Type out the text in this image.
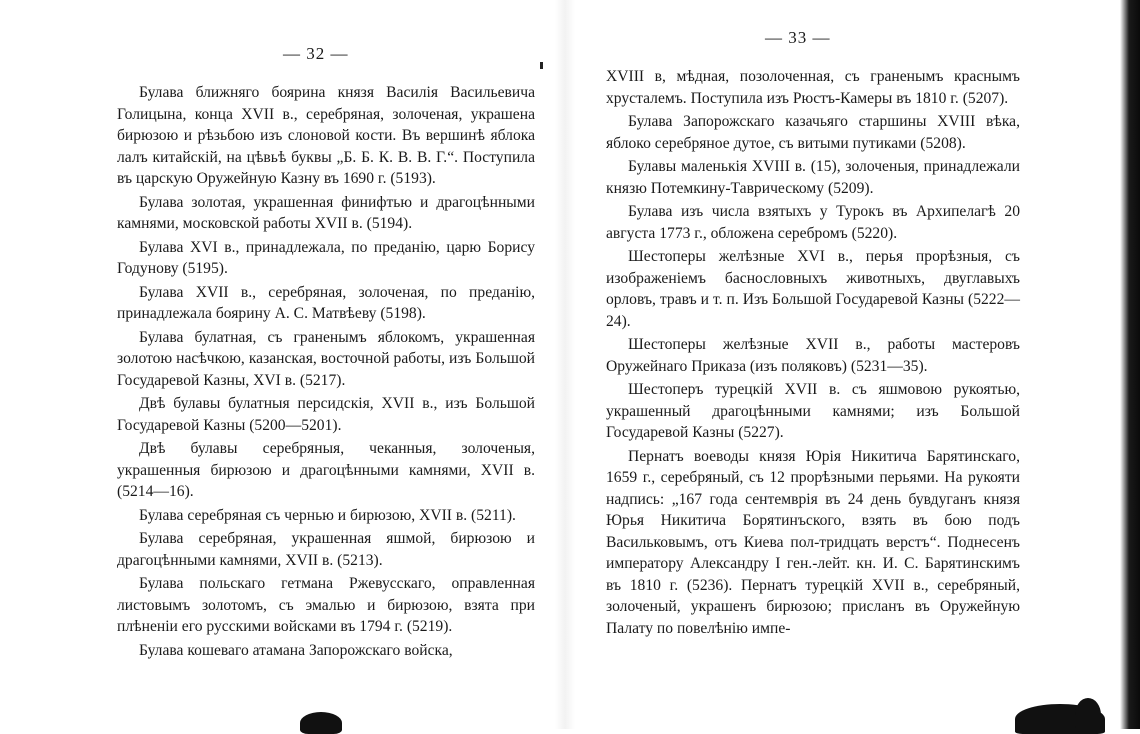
— 32 —

Булава ближняго боярина князя Василія Васильевича Голицына, конца XVII в., серебряная, золоченая, украшена бирюзою и рѣзьбою изъ слоновой кости. Въ вершинѣ яблока лалъ китайскій, на цѣвьѣ буквы „Б. Б. К. В. В. Г.“. Поступила въ царскую Оружейную Казну въ 1690 г. (5193).

Булава золотая, украшенная финифтью и драгоцѣнными камнями, московской работы XVII в. (5194).

Булава XVI в., принадлежала, по преданію, царю Борису Годунову (5195).

Булава XVII в., серебряная, золоченая, по преданію, принадлежала боярину А. С. Матвѣеву (5198).

Булава булатная, съ граненымъ яблокомъ, украшенная золотою насѣчкою, казанская, восточной работы, изъ Большой Государевой Казны, XVI в. (5217).

Двѣ булавы булатныя персидскія, XVII в., изъ Большой Государевой Казны (5200—5201).

Двѣ булавы серебряныя, чеканныя, золоченыя, украшенныя бирюзою и драгоцѣнными камнями, XVII в. (5214—16).

Булава серебряная съ чернью и бирюзою, XVII в. (5211).

Булава серебряная, украшенная яшмой, бирюзою и драгоцѣнными камнями, XVII в. (5213).

Булава польскаго гетмана Ржевусскаго, оправленная листовымъ золотомъ, съ эмалью и бирюзою, взята при плѣненіи его русскими войсками въ 1794 г. (5219).

Булава кошеваго атамана Запорожскаго войска,

— 33 —

XVIII в, мѣдная, позолоченная, съ граненымъ краснымъ хрусталемъ. Поступила изъ Рюстъ-Камеры въ 1810 г. (5207).

Булава Запорожскаго казачьяго старшины XVIII вѣка, яблоко серебряное дутое, съ витыми путиками (5208).

Булавы маленькія XVIII в. (15), золоченыя, принадлежали князю Потемкину-Таврическому (5209).

Булава изъ числа взятыхъ у Турокъ въ Архипелагѣ 20 августа 1773 г., обложена серебромъ (5220).

Шестоперы желѣзные XVI в., перья прорѣзныя, съ изображеніемъ баснословныхъ животныхъ, двуглавыхъ орловъ, травъ и т. п. Изъ Большой Государевой Казны (5222—24).

Шестоперы желѣзные XVII в., работы мастеровъ Оружейнаго Приказа (изъ поляковъ) (5231—35).

Шестоперъ турецкій XVII в. съ яшмовою рукоятью, украшенный драгоцѣнными камнями; изъ Большой Государевой Казны (5227).

Пернатъ воеводы князя Юрія Никитича Барятинскаго, 1659 г., серебряный, съ 12 прорѣзными перьями. На рукояти надпись: „167 года сентемврія въ 24 день бувдуганъ князя Юрья Никитича Борятинъского, взять въ бою подъ Васильковымъ, отъ Киева пол-тридцать верстъ“. Поднесенъ императору Александру I ген.-лейт. кн. И. С. Барятинскимъ въ 1810 г. (5236). Пернатъ турецкій XVII в., серебряный, золоченый, украшенъ бирюзою; присланъ въ Оружейную Палату по повелѣнію импе-
